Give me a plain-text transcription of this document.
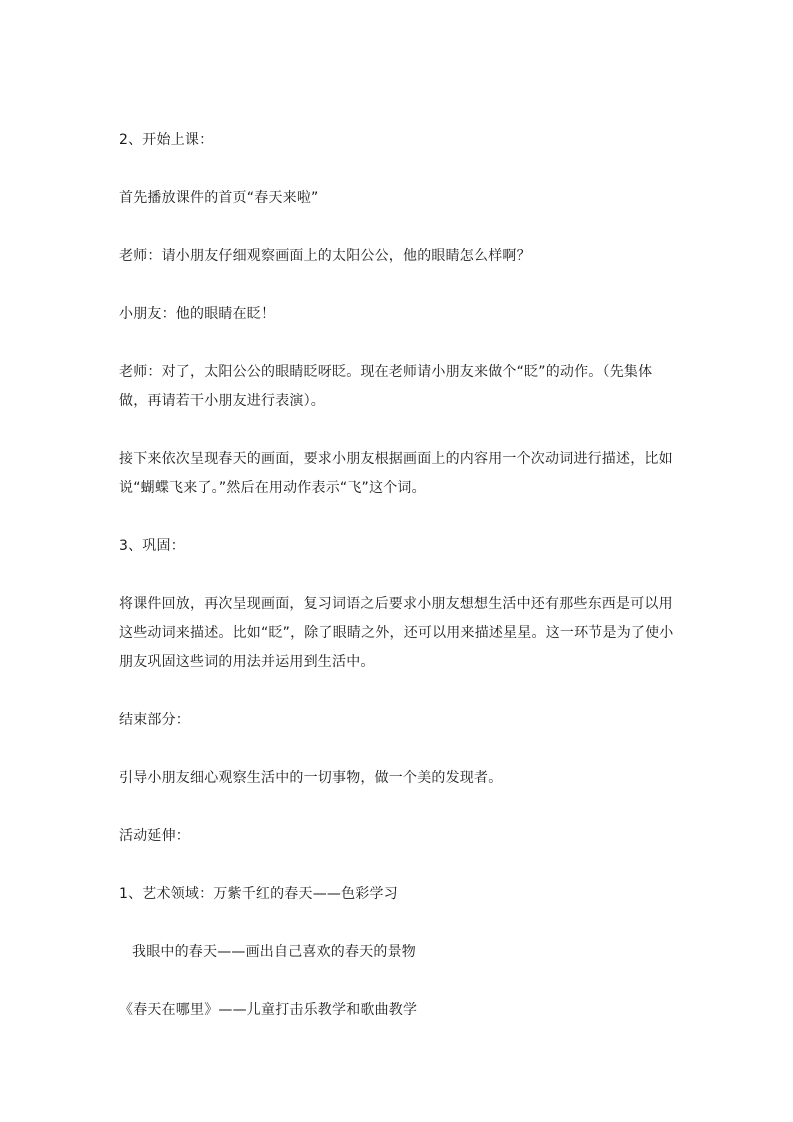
2、开始上课：

首先播放课件的首页“春天来啦”

老师：请小朋友仔细观察画面上的太阳公公，他的眼睛怎么样啊？

小朋友：他的眼睛在眨！

老师：对了，太阳公公的眼睛眨呀眨。现在老师请小朋友来做个“眨”的动作。（先集体做，再请若干小朋友进行表演）。

接下来依次呈现春天的画面，要求小朋友根据画面上的内容用一个次动词进行描述，比如说“蝴蝶飞来了。”然后在用动作表示“飞”这个词。

3、巩固：

将课件回放，再次呈现画面，复习词语之后要求小朋友想想生活中还有那些东西是可以用这些动词来描述。比如“眨”，除了眼睛之外，还可以用来描述星星。这一环节是为了使小朋友巩固这些词的用法并运用到生活中。

结束部分：

引导小朋友细心观察生活中的一切事物，做一个美的发现者。

活动延伸：

1、艺术领域：万紫千红的春天——色彩学习

我眼中的春天——画出自己喜欢的春天的景物

《春天在哪里》——儿童打击乐教学和歌曲教学
